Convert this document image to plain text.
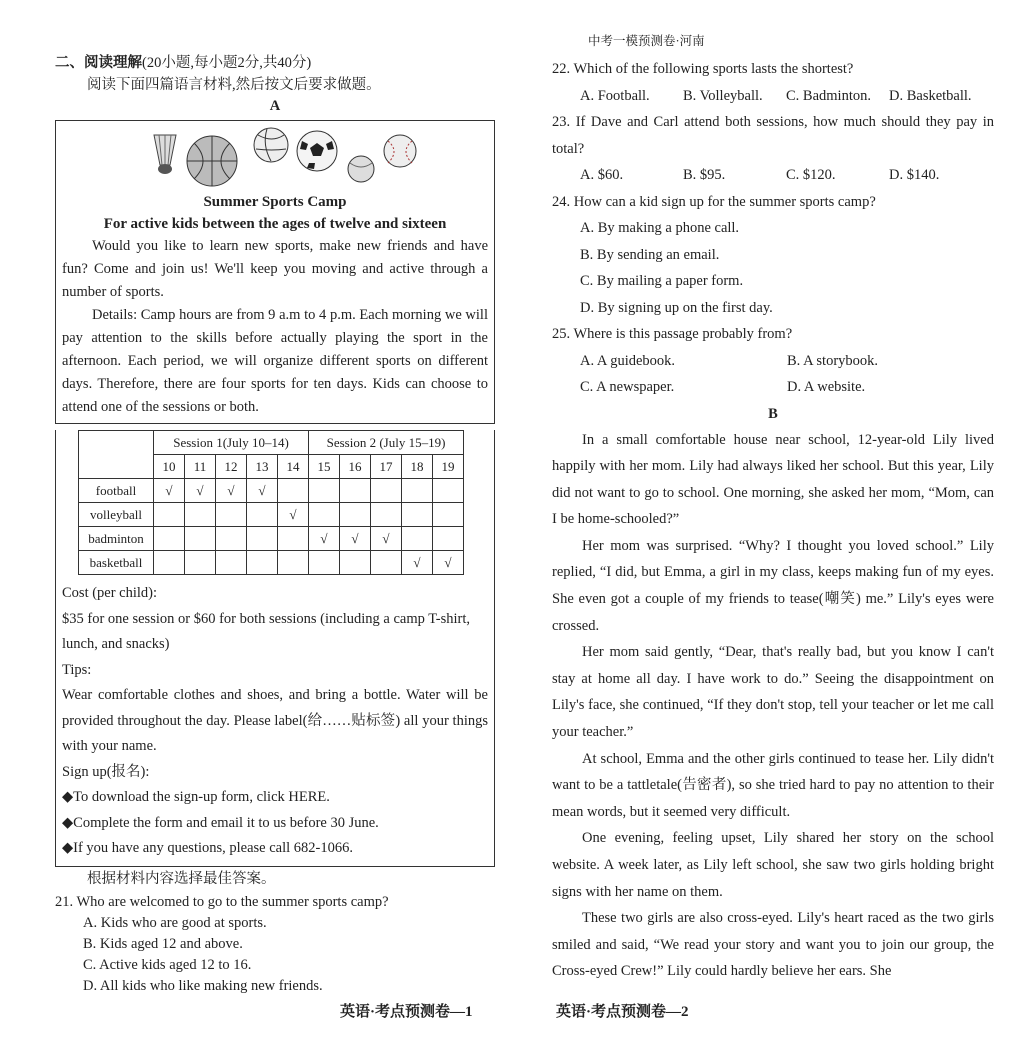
二、阅读理解(20小题,每小题2分,共40分)
阅读下面四篇语言材料,然后按文后要求做题。
A
Summer Sports Camp
For active kids between the ages of twelve and sixteen

Would you like to learn new sports, make new friends and have fun? Come and join us! We'll keep you moving and active through a number of sports.

Details: Camp hours are from 9 a.m to 4 p.m. Each morning we will pay attention to the skills before actually playing the sport in the afternoon. Each period, we will organize different sports on different days. Therefore, there are four sports for ten days. Kids can choose to attend one of the sessions or both.

	Session 1(July 10–14)					Session 2 (July 15–19)				
	10	11	12	13	14	15	16	17	18	19
football	√	√	√	√						
volleyball					√					
badminton						√	√	√		
basketball									√	√

Cost (per child):

$35 for one session or $60 for both sessions (including a camp T-shirt, lunch, and snacks)

Tips:

Wear comfortable clothes and shoes, and bring a bottle. Water will be provided throughout the day. Please label(给……贴标签) all your things with your name.

Sign up(报名):

◆To download the sign-up form, click HERE.

◆Complete the form and email it to us before 30 June.

◆If you have any questions, please call 682-1066.

根据材料内容选择最佳答案。
21. Who are welcomed to go to the summer sports camp?
A. Kids who are good at sports.
B. Kids aged 12 and above.
C. Active kids aged 12 to 16.
D. All kids who like making new friends.
英语·考点预测卷—1
中考一模预测卷·河南
22. Which of the following sports lasts the shortest?
A. Football.	B. Volleyball.	C. Badminton.	D. Basketball.
23. If Dave and Carl attend both sessions, how much should they pay in total?
A. $60.	B. $95.	C. $120.	D. $140.
24. How can a kid sign up for the summer sports camp?
A. By making a phone call.
B. By sending an email.
C. By mailing a paper form.
D. By signing up on the first day.
25. Where is this passage probably from?
A. A guidebook.	B. A storybook.
C. A newspaper.	D. A website.
B

In a small comfortable house near school, 12-year-old Lily lived happily with her mom. Lily had always liked her school. But this year, Lily did not want to go to school. One morning, she asked her mom, “Mom, can I be home-schooled?”

Her mom was surprised. “Why? I thought you loved school.” Lily replied, “I did, but Emma, a girl in my class, keeps making fun of my eyes. She even got a couple of my friends to tease(嘲笑) me.” Lily's eyes were crossed.

Her mom said gently, “Dear, that's really bad, but you know I can't stay at home all day. I have work to do.” Seeing the disappointment on Lily's face, she continued, “If they don't stop, tell your teacher or let me call your teacher.”

At school, Emma and the other girls continued to tease her. Lily didn't want to be a tattletale(告密者), so she tried hard to pay no attention to their mean words, but it seemed very difficult.

One evening, feeling upset, Lily shared her story on the school website. A week later, as Lily left school, she saw two girls holding bright signs with her name on them.

These two girls are also cross-eyed. Lily's heart raced as the two girls smiled and said, “We read your story and want you to join our group, the Cross-eyed Crew!” Lily could hardly believe her ears. She

英语·考点预测卷—2
